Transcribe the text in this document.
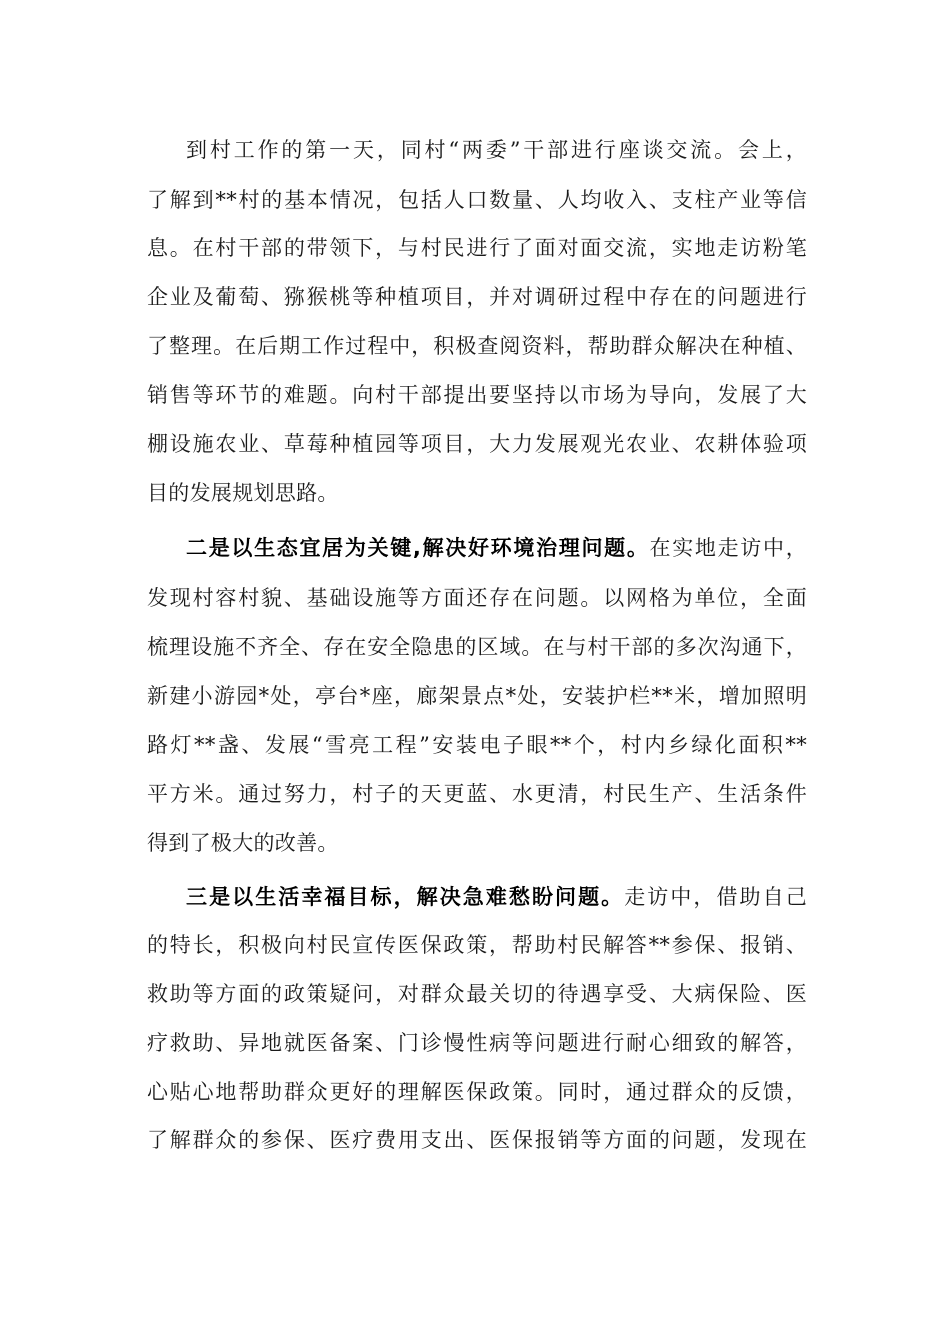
到村工作的第一天，同村“两委”干部进行座谈交流。会上，
了解到**村的基本情况，包括人口数量、人均收入、支柱产业等信
息。在村干部的带领下，与村民进行了面对面交流，实地走访粉笔
企业及葡萄、猕猴桃等种植项目，并对调研过程中存在的问题进行
了整理。在后期工作过程中，积极查阅资料，帮助群众解决在种植、
销售等环节的难题。向村干部提出要坚持以市场为导向，发展了大
棚设施农业、草莓种植园等项目，大力发展观光农业、农耕体验项
目的发展规划思路。
二是以生态宜居为关键,解决好环境治理问题。在实地走访中，
发现村容村貌、基础设施等方面还存在问题。以网格为单位，全面
梳理设施不齐全、存在安全隐患的区域。在与村干部的多次沟通下，
新建小游园*处，亭台*座，廊架景点*处，安装护栏**米，增加照明
路灯**盏、发展“雪亮工程”安装电子眼**个，村内乡绿化面积**
平方米。通过努力，村子的天更蓝、水更清，村民生产、生活条件
得到了极大的改善。
三是以生活幸福目标，解决急难愁盼问题。走访中，借助自己
的特长，积极向村民宣传医保政策，帮助村民解答**参保、报销、
救助等方面的政策疑问，对群众最关切的待遇享受、大病保险、医
疗救助、异地就医备案、门诊慢性病等问题进行耐心细致的解答，
心贴心地帮助群众更好的理解医保政策。同时，通过群众的反馈，
了解群众的参保、医疗费用支出、医保报销等方面的问题，发现在
